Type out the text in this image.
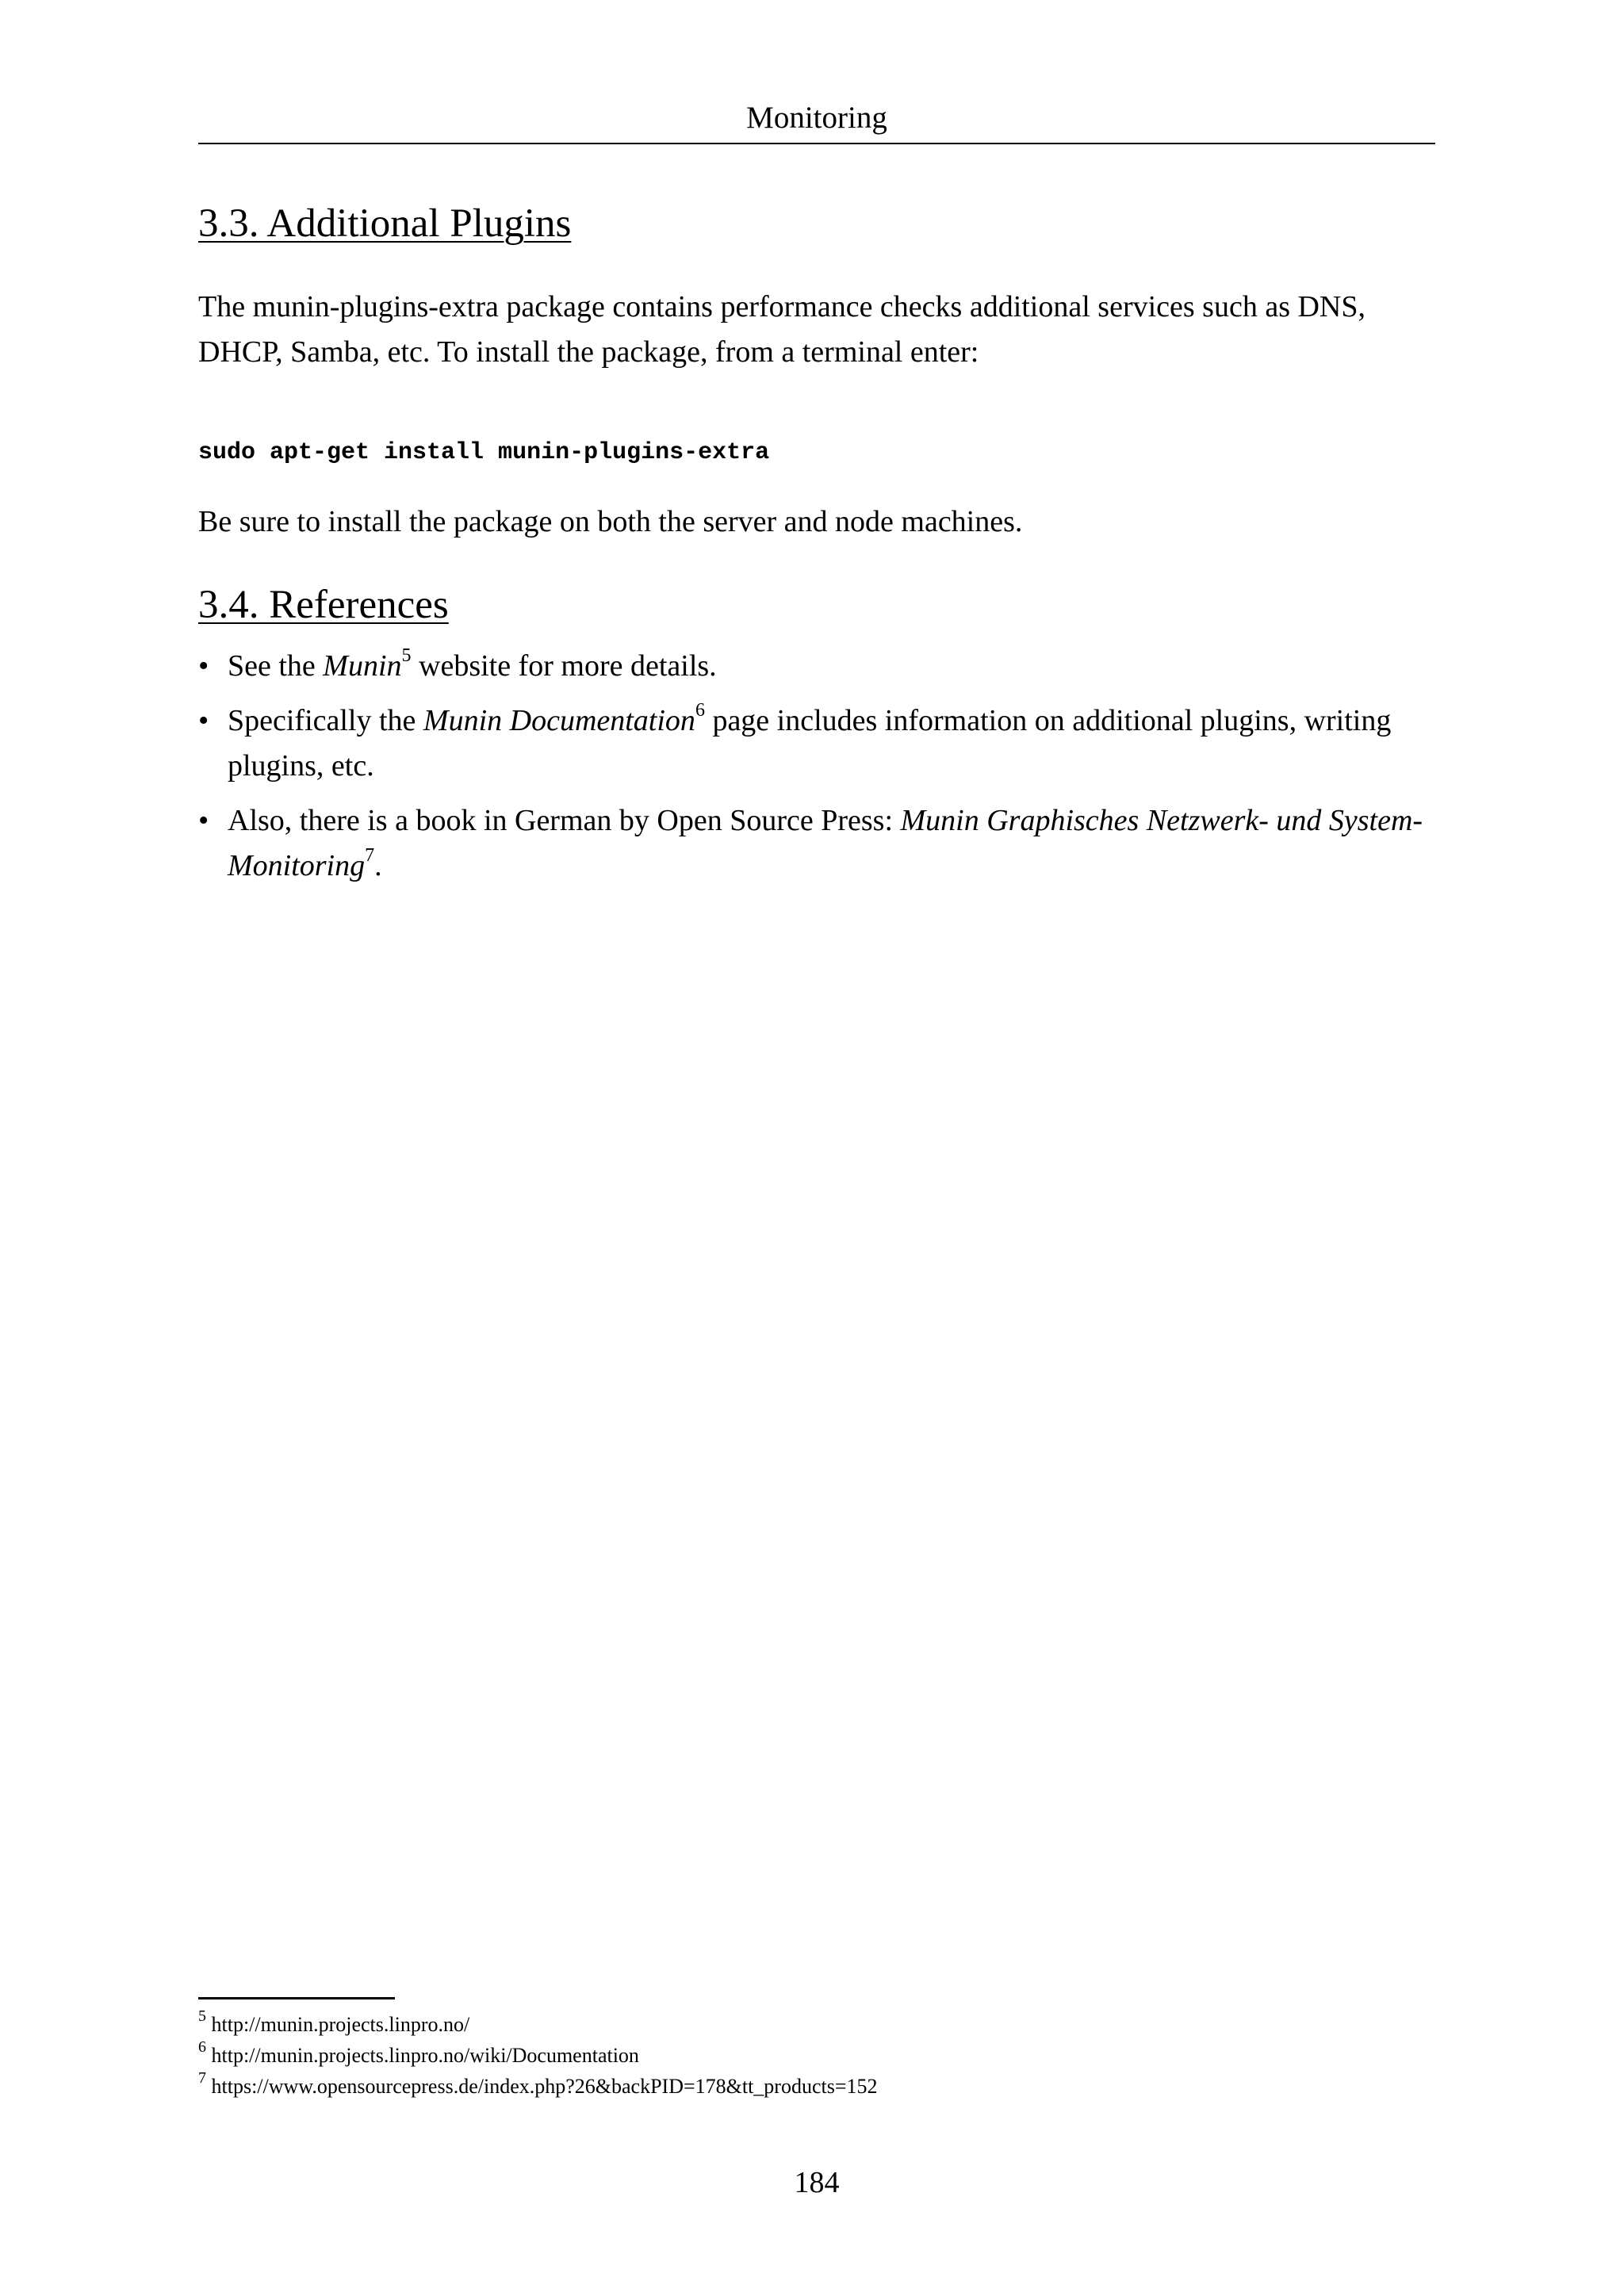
Monitoring
3.3. Additional Plugins

The munin-plugins-extra package contains performance checks additional services such as DNS, DHCP, Samba, etc. To install the package, from a terminal enter:

sudo apt-get install munin-plugins-extra

Be sure to install the package on both the server and node machines.

3.4. References
• See the Munin$^5$ website for more details.
• Specifically the Munin Documentation$^6$ page includes information on additional plugins, writing plugins, etc.
• Also, there is a book in German by Open Source Press: Munin Graphisches Netzwerk- und System-Monitoring$^7$.
$^5$ http://munin.projects.linpro.no/
$^6$ http://munin.projects.linpro.no/wiki/Documentation
$^7$ https://www.opensourcepress.de/index.php?26&backPID=178&tt_products=152
184
